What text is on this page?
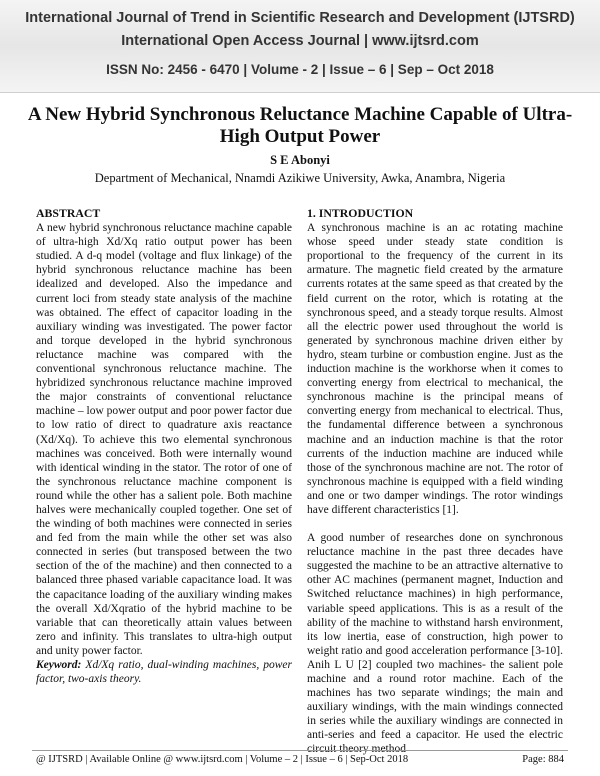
International Journal of Trend in Scientific Research and Development (IJTSRD)
International Open Access Journal | www.ijtsrd.com
ISSN No: 2456 - 6470 | Volume - 2 | Issue – 6 | Sep – Oct 2018
A New Hybrid Synchronous Reluctance Machine Capable of Ultra-High Output Power
S E Abonyi
Department of Mechanical, Nnamdi Azikiwe University, Awka, Anambra, Nigeria
ABSTRACT

A new hybrid synchronous reluctance machine capable of ultra-high Xd/Xq ratio output power has been studied. A d-q model (voltage and flux linkage) of the hybrid synchronous reluctance machine has been idealized and developed. Also the impedance and current loci from steady state analysis of the machine was obtained. The effect of capacitor loading in the auxiliary winding was investigated. The power factor and torque developed in the hybrid synchronous reluctance machine was compared with the conventional synchronous reluctance machine. The hybridized synchronous reluctance machine improved the major constraints of conventional reluctance machine – low power output and poor power factor due to low ratio of direct to quadrature axis reactance (Xd/Xq). To achieve this two elemental synchronous machines was conceived. Both were internally wound with identical winding in the stator. The rotor of one of the synchronous reluctance machine component is round while the other has a salient pole. Both machine halves were mechanically coupled together. One set of the winding of both machines were connected in series and fed from the main while the other set was also connected in series (but transposed between the two section of the of the machine) and then connected to a balanced three phased variable capacitance load. It was the capacitance loading of the auxiliary winding makes the overall Xd/Xqratio of the hybrid machine to be variable that can theoretically attain values between zero and infinity. This translates to ultra-high output and unity power factor.

Keyword: Xd/Xq ratio, dual-winding machines, power factor, two-axis theory.

1. INTRODUCTION

A synchronous machine is an ac rotating machine whose speed under steady state condition is proportional to the frequency of the current in its armature. The magnetic field created by the armature currents rotates at the same speed as that created by the field current on the rotor, which is rotating at the synchronous speed, and a steady torque results. Almost all the electric power used throughout the world is generated by synchronous machine driven either by hydro, steam turbine or combustion engine. Just as the induction machine is the workhorse when it comes to converting energy from electrical to mechanical, the synchronous machine is the principal means of converting energy from mechanical to electrical. Thus, the fundamental difference between a synchronous machine and an induction machine is that the rotor currents of the induction machine are induced while those of the synchronous machine are not. The rotor of synchronous machine is equipped with a field winding and one or two damper windings. The rotor windings have different characteristics [1].

A good number of researches done on synchronous reluctance machine in the past three decades have suggested the machine to be an attractive alternative to other AC machines (permanent magnet, Induction and Switched reluctance machines) in high performance, variable speed applications. This is as a result of the ability of the machine to withstand harsh environment, its low inertia, ease of construction, high power to weight ratio and good acceleration performance [3-10]. Anih L U [2] coupled two machines- the salient pole machine and a round rotor machine. Each of the machines has two separate windings; the main and auxiliary windings, with the main windings connected in series while the auxiliary windings are connected in anti-series and feed a capacitor. He used the electric

@ IJTSRD | Available Online @ www.ijtsrd.com | Volume – 2 | Issue – 6 | Sep-Oct 2018	Page: 884
